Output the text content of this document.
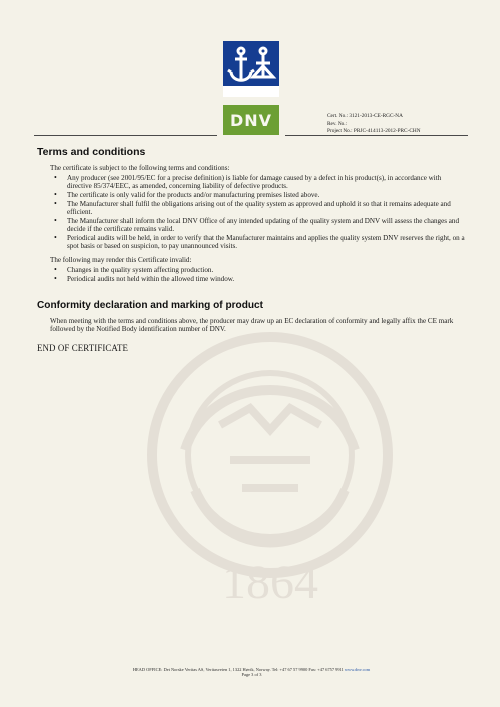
1864
DNV	Cert. No.: 3121-2013-CE-RGC-NA
Rev. No.:
Project No.: PRJC-414113-2012-PRC-CHN
Terms and conditions

The certificate is subject to the following terms and conditions:

• Any producer (see 2001/95/EC for a precise definition) is liable for damage caused by a defect in his product(s), in accordance with directive 85/374/EEC, as amended, concerning liability of defective products.
• The certificate is only valid for the products and/or manufacturing premises listed above.
• The Manufacturer shall fulfil the obligations arising out of the quality system as approved and uphold it so that it remains adequate and efficient.
• The Manufacturer shall inform the local DNV Office of any intended updating of the quality system and DNV will assess the changes and decide if the certificate remains valid.
• Periodical audits will be held, in order to verify that the Manufacturer maintains and applies the quality system DNV reserves the right, on a spot basis or based on suspicion, to pay unannounced visits.

The following may render this Certificate invalid:

• Changes in the quality system affecting production.
• Periodical audits not held within the allowed time window.
Conformity declaration and marking of product

When meeting with the terms and conditions above, the producer may draw up an EC declaration of conformity and legally affix the CE mark followed by the Notified Body identification number of DNV.

END OF CERTIFICATE
HEAD OFFICE: Det Norske Veritas AS, Veritasveien 1, 1322 Høvik, Norway. Tel: +47 67 57 9900 Fax: +47 6757 9911 www.dnv.com
Page 3 of 3
